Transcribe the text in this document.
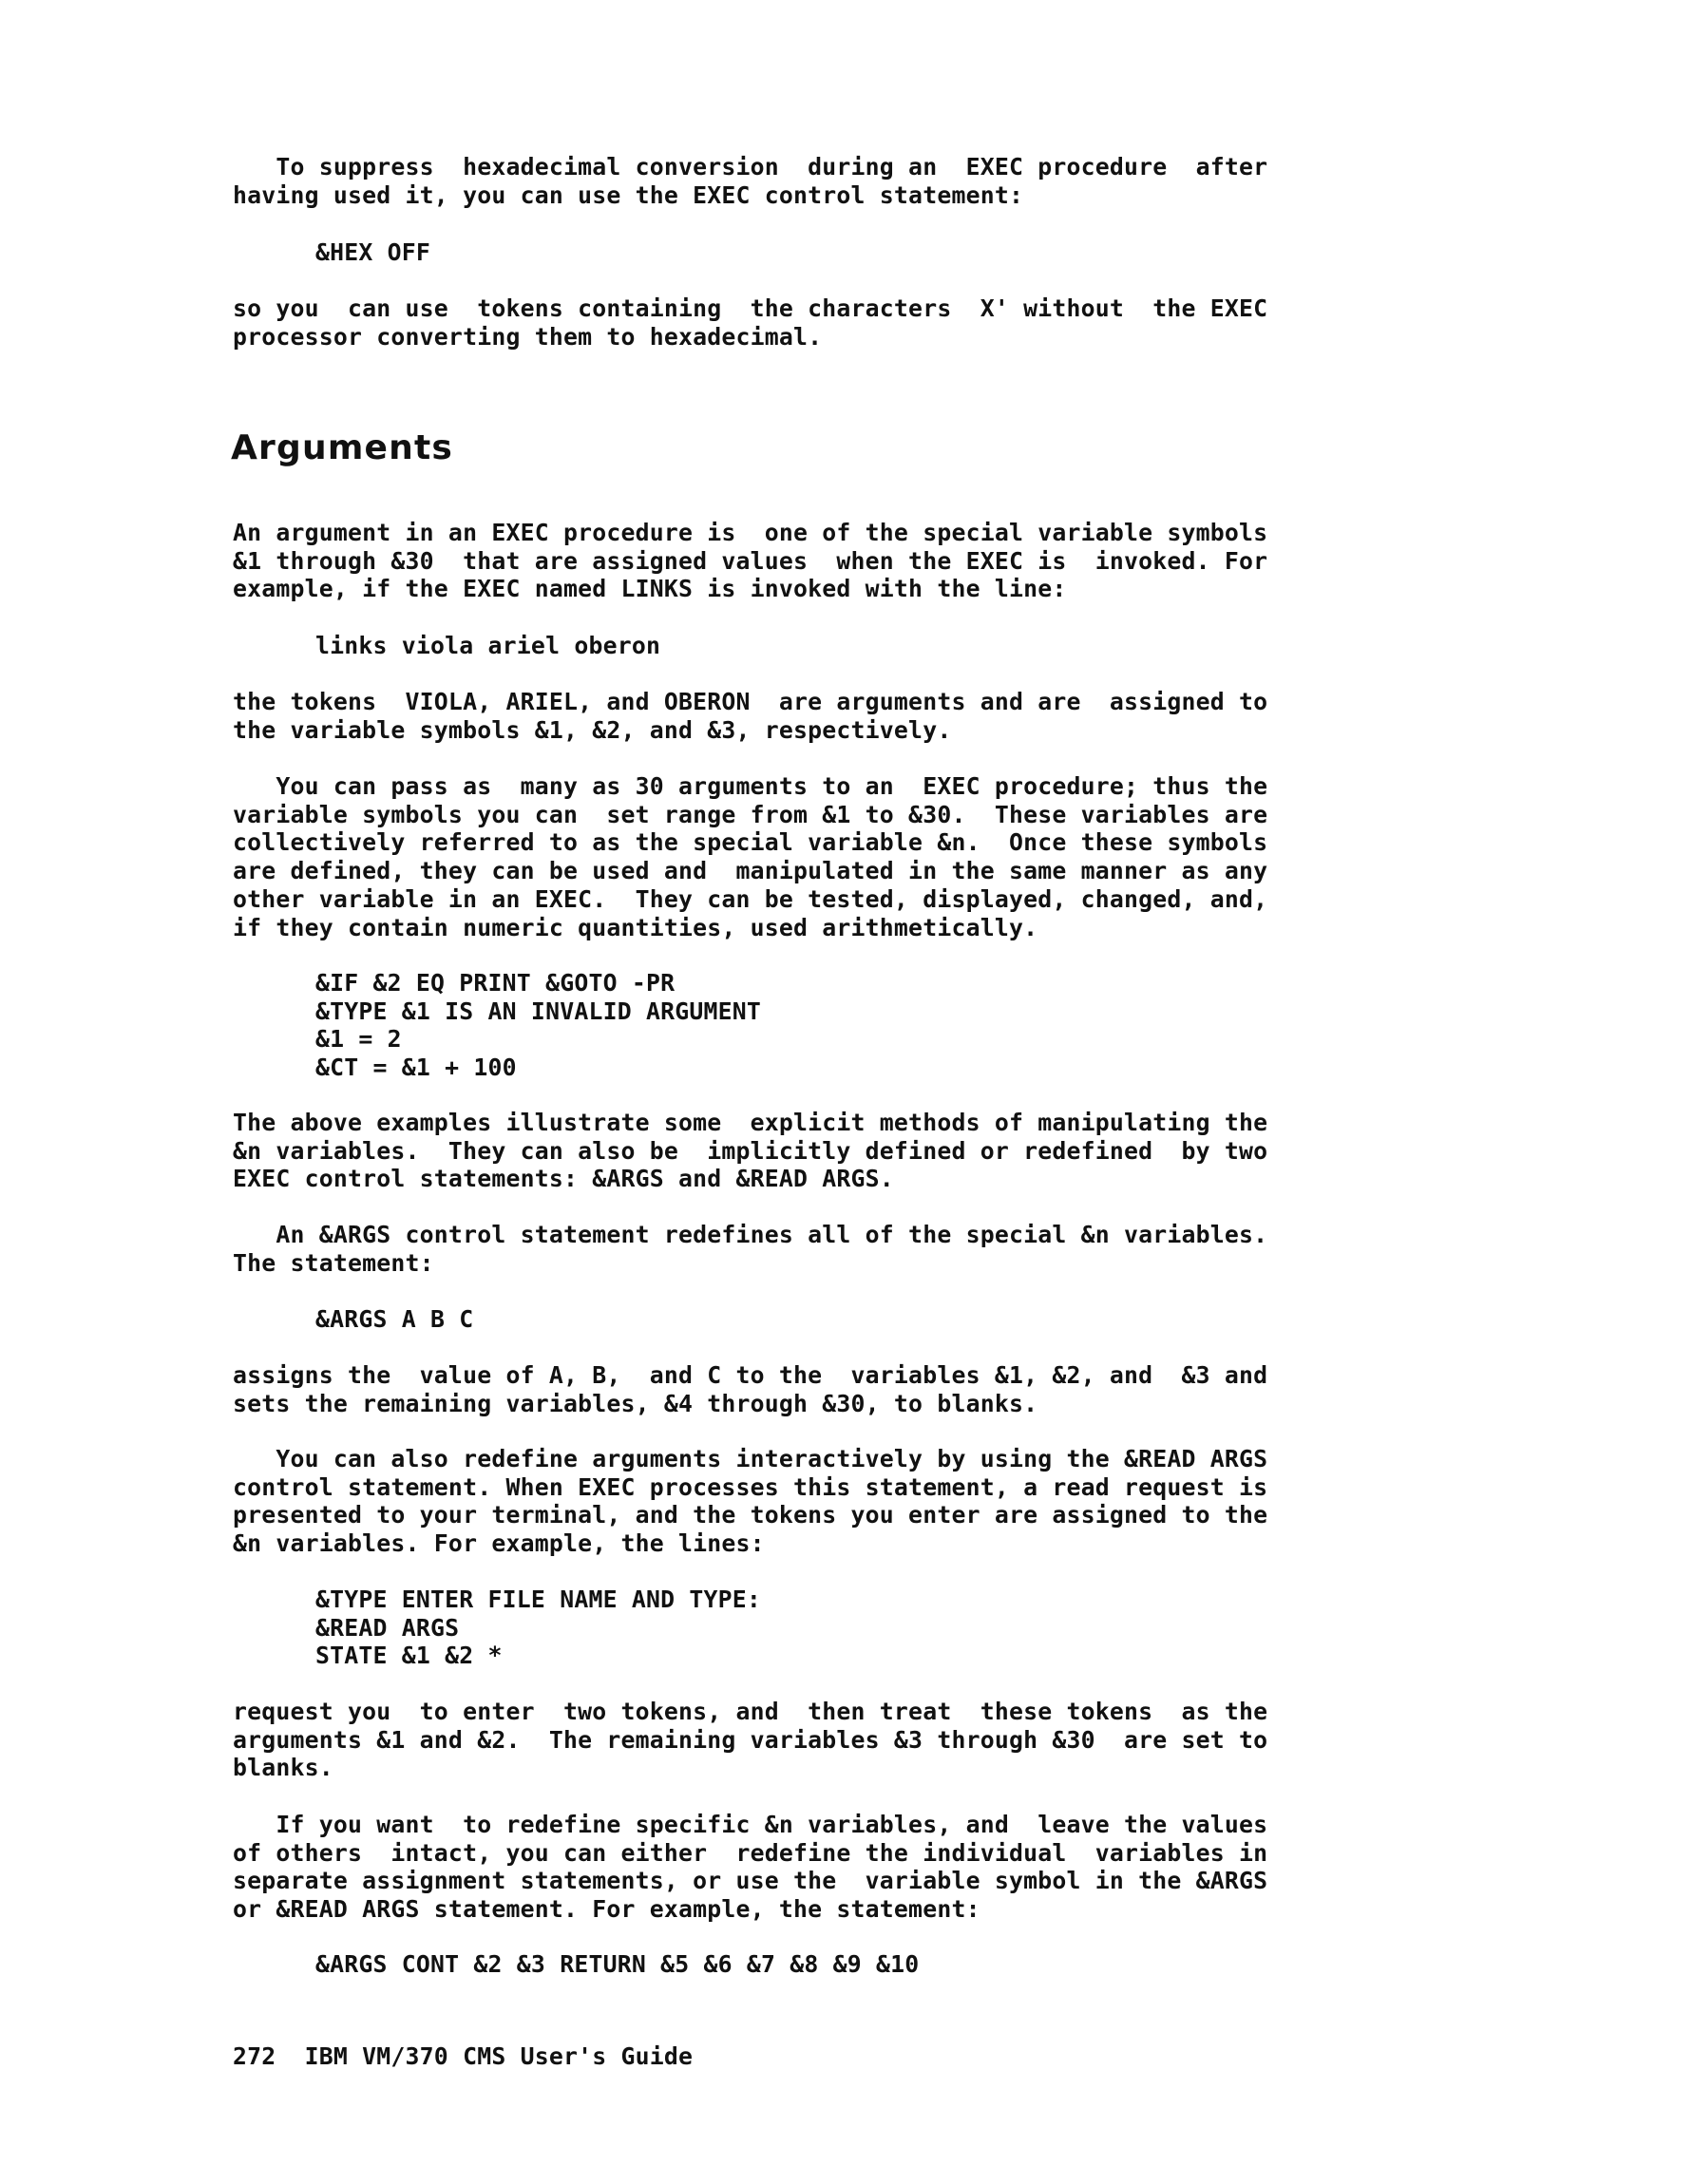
To suppress  hexadecimal conversion  during an  EXEC procedure  after
having used it, you can use the EXEC control statement:
&HEX OFF
so you  can use  tokens containing  the characters  X' without  the EXEC
processor converting them to hexadecimal.
Arguments
An argument in an EXEC procedure is  one of the special variable symbols
&1 through &30  that are assigned values  when the EXEC is  invoked. For
example, if the EXEC named LINKS is invoked with the line:
links viola ariel oberon
the tokens  VIOLA, ARIEL, and OBERON  are arguments and are  assigned to
the variable symbols &1, &2, and &3, respectively.
You can pass as  many as 30 arguments to an  EXEC procedure; thus the
variable symbols you can  set range from &1 to &30.  These variables are
collectively referred to as the special variable &n.  Once these symbols
are defined, they can be used and  manipulated in the same manner as any
other variable in an EXEC.  They can be tested, displayed, changed, and,
if they contain numeric quantities, used arithmetically.
&IF &2 EQ PRINT &GOTO -PR
&TYPE &1 IS AN INVALID ARGUMENT
&1 = 2
&CT = &1 + 100
The above examples illustrate some  explicit methods of manipulating the
&n variables.  They can also be  implicitly defined or redefined  by two
EXEC control statements: &ARGS and &READ ARGS.
An &ARGS control statement redefines all of the special &n variables.
The statement:
&ARGS A B C
assigns the  value of A, B,  and C to the  variables &1, &2, and  &3 and
sets the remaining variables, &4 through &30, to blanks.
You can also redefine arguments interactively by using the &READ ARGS
control statement. When EXEC processes this statement, a read request is
presented to your terminal, and the tokens you enter are assigned to the
&n variables. For example, the lines:
&TYPE ENTER FILE NAME AND TYPE:
&READ ARGS
STATE &1 &2 *
request you  to enter  two tokens, and  then treat  these tokens  as the
arguments &1 and &2.  The remaining variables &3 through &30  are set to
blanks.
If you want  to redefine specific &n variables, and  leave the values
of others  intact, you can either  redefine the individual  variables in
separate assignment statements, or use the  variable symbol in the &ARGS
or &READ ARGS statement. For example, the statement:
&ARGS CONT &2 &3 RETURN &5 &6 &7 &8 &9 &10
272  IBM VM/370 CMS User's Guide
